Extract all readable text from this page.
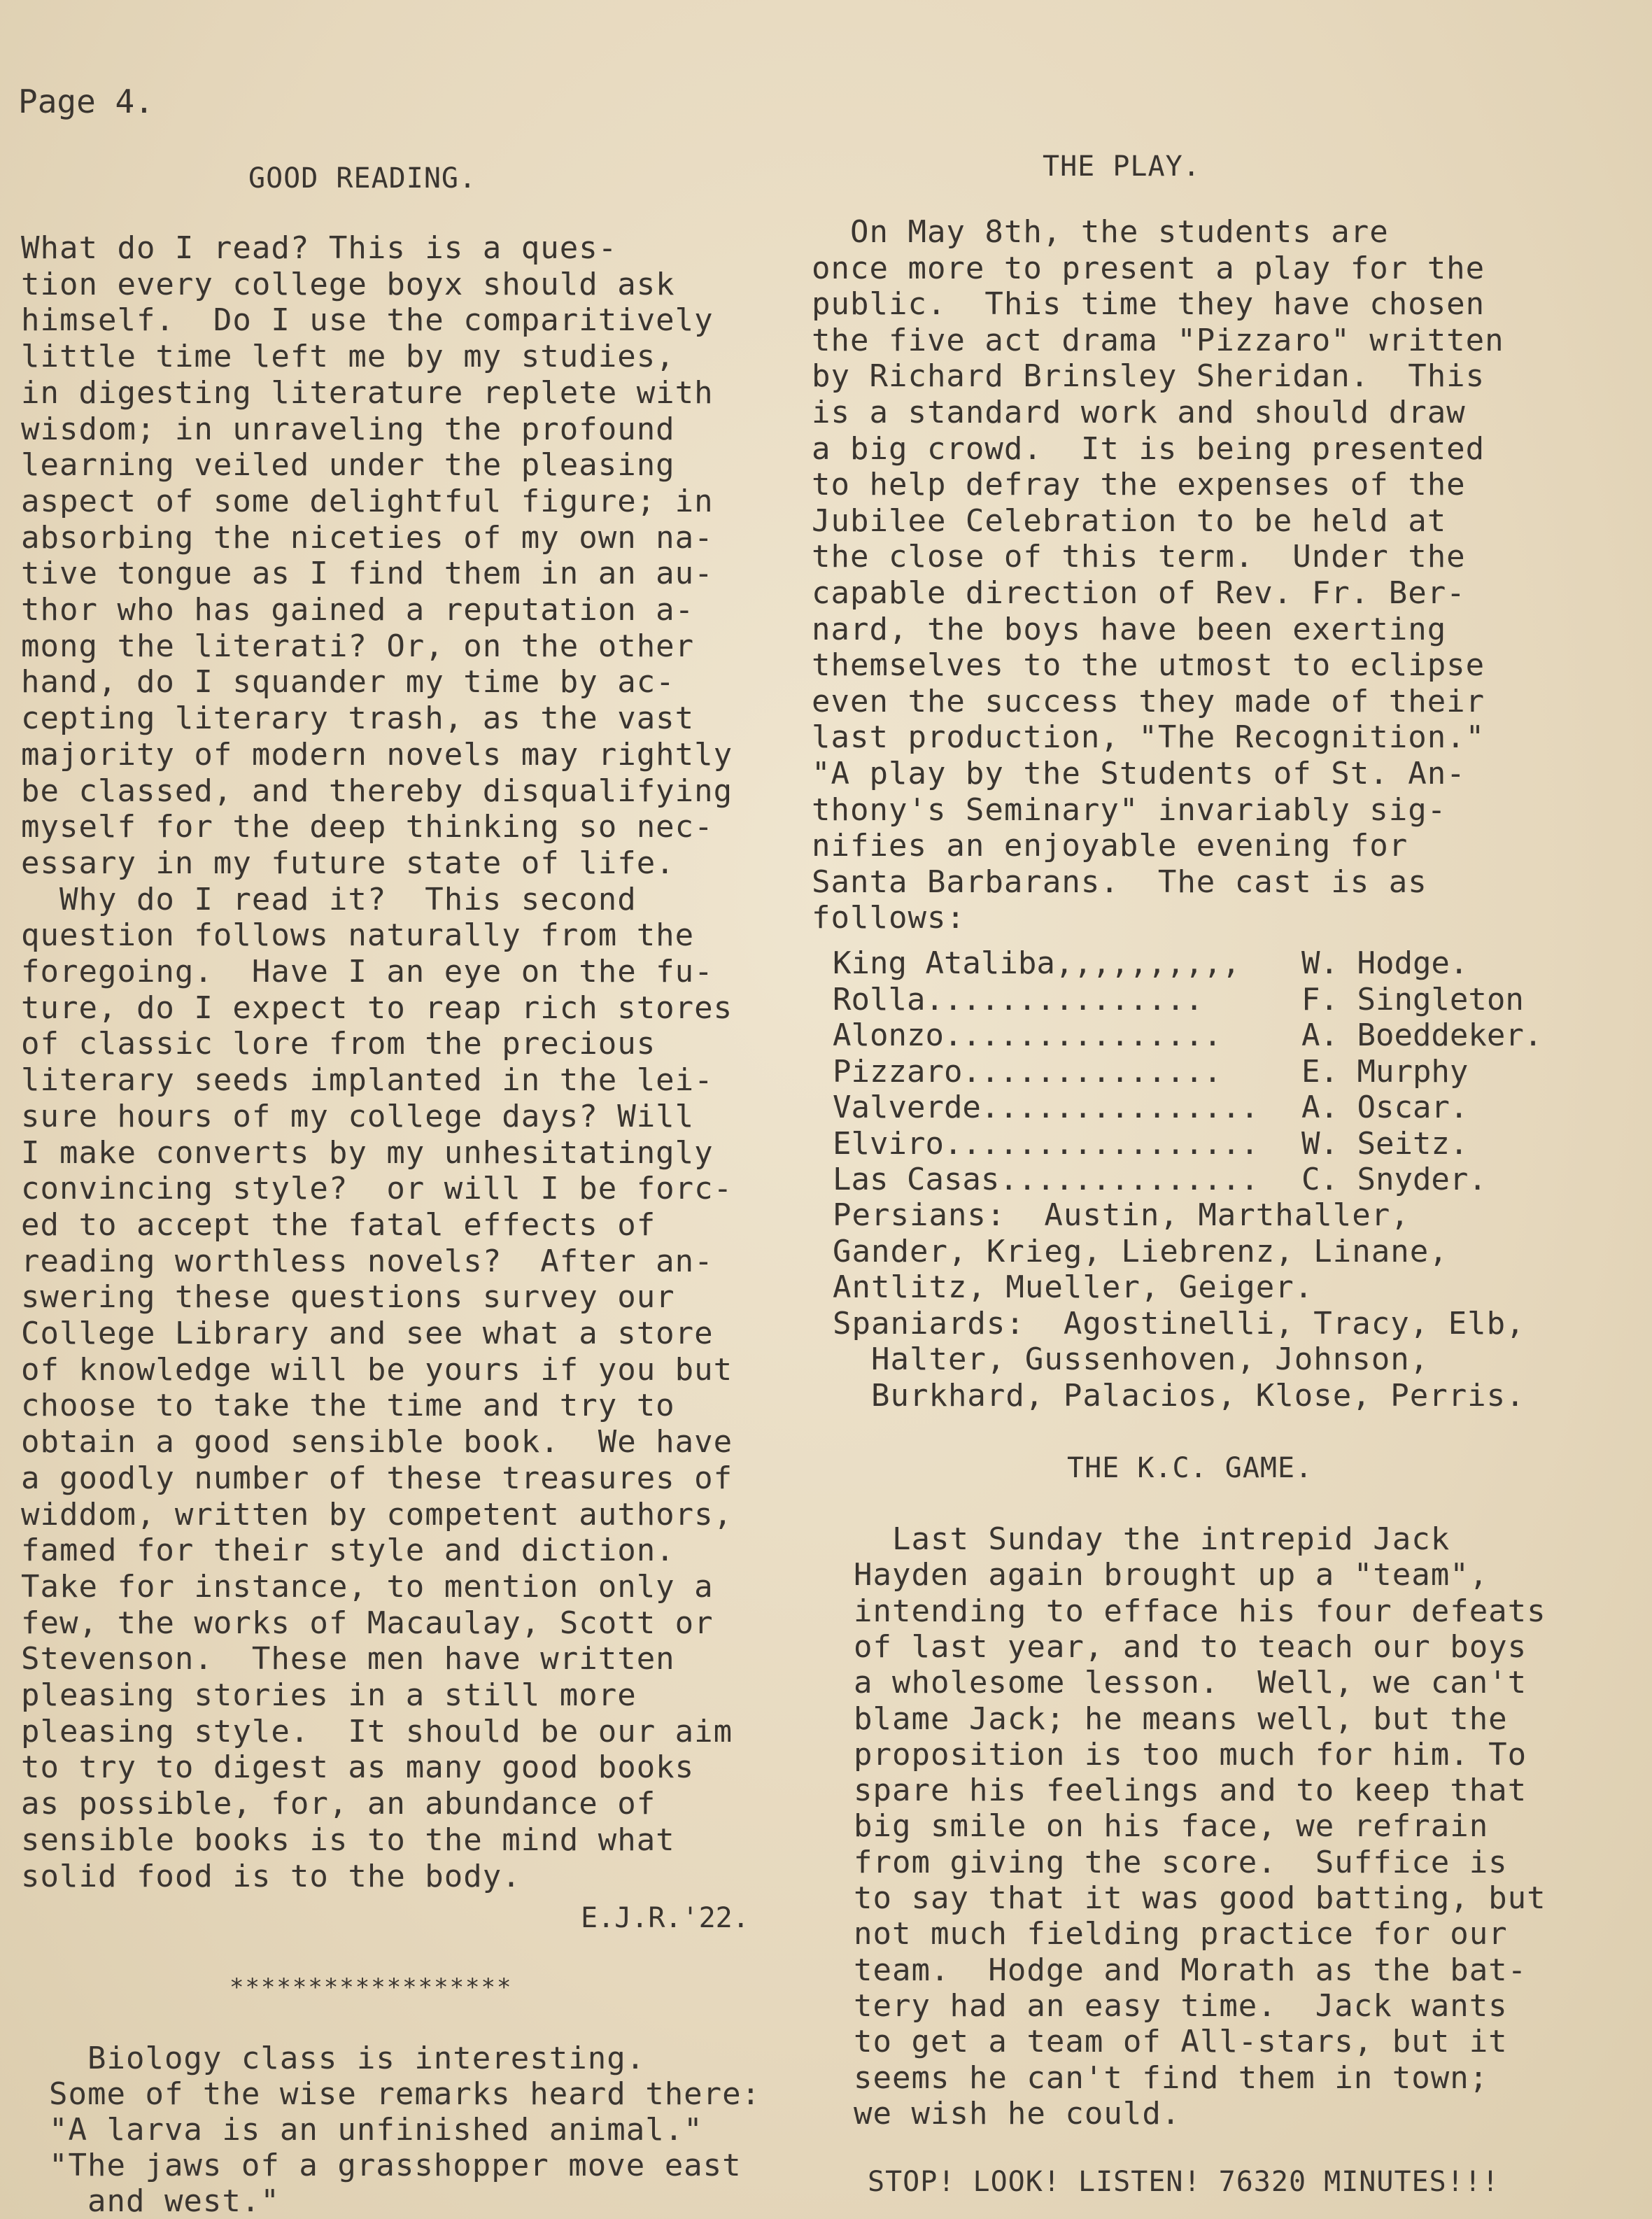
Page 4.
GOOD READING.
What do I read? This is a ques-
tion every college boyx should ask
himself.  Do I use the comparitively
little time left me by my studies,
in digesting literature replete with
wisdom; in unraveling the profound
learning veiled under the pleasing
aspect of some delightful figure; in
absorbing the niceties of my own na-
tive tongue as I find them in an au-
thor who has gained a reputation a-
mong the literati? Or, on the other
hand, do I squander my time by ac-
cepting literary trash, as the vast
majority of modern novels may rightly
be classed, and thereby disqualifying
myself for the deep thinking so nec-
essary in my future state of life.
Why do I read it?  This second
question follows naturally from the
foregoing.  Have I an eye on the fu-
ture, do I expect to reap rich stores
of classic lore from the precious
literary seeds implanted in the lei-
sure hours of my college days? Will
I make converts by my unhesitatingly
convincing style?  or will I be forc-
ed to accept the fatal effects of
reading worthless novels?  After an-
swering these questions survey our
College Library and see what a store
of knowledge will be yours if you but
choose to take the time and try to
obtain a good sensible book.  We have
a goodly number of these treasures of
widdom, written by competent authors,
famed for their style and diction.
Take for instance, to mention only a
few, the works of Macaulay, Scott or
Stevenson.  These men have written
pleasing stories in a still more
pleasing style.  It should be our aim
to try to digest as many good books
as possible, for, an abundance of
sensible books is to the mind what
solid food is to the body.
E.J.R.'22.
******************
Biology class is interesting.
Some of the wise remarks heard there:
"A larva is an unfinished animal."
"The jaws of a grasshopper move east
and west."
THE PLAY.
On May 8th, the students are
once more to present a play for the
public.  This time they have chosen
the five act drama "Pizzaro" written
by Richard Brinsley Sheridan.  This
is a standard work and should draw
a big crowd.  It is being presented
to help defray the expenses of the
Jubilee Celebration to be held at
the close of this term.  Under the
capable direction of Rev. Fr. Ber-
nard, the boys have been exerting
themselves to the utmost to eclipse
even the success they made of their
last production, "The Recognition."
"A play by the Students of St. An-
thony's Seminary" invariably sig-
nifies an enjoyable evening for
Santa Barbarans.  The cast is as
follows:
King Ataliba,,,,,,,,,, W. Hodge.
Rolla...............	F. Singleton
Alonzo...............	A. Boeddeker.
Pizzaro..............	E. Murphy
Valverde............... A. Oscar.
Elviro................. W. Seitz.
Las Casas.............. C. Snyder.
Persians:  Austin, Marthaller,
Gander, Krieg, Liebrenz, Linane,
Antlitz, Mueller, Geiger.
Spaniards:  Agostinelli, Tracy, Elb,
Halter, Gussenhoven, Johnson,
Burkhard, Palacios, Klose, Perris.
THE K.C. GAME.
Last Sunday the intrepid Jack
Hayden again brought up a "team",
intending to efface his four defeats
of last year, and to teach our boys
a wholesome lesson.  Well, we can't
blame Jack; he means well, but the
proposition is too much for him. To
spare his feelings and to keep that
big smile on his face, we refrain
from giving the score.  Suffice is
to say that it was good batting, but
not much fielding practice for our
team.  Hodge and Morath as the bat-
tery had an easy time.  Jack wants
to get a team of All-stars, but it
seems he can't find them in town;
we wish he could.
STOP! LOOK! LISTEN! 76320 MINUTES!!!
